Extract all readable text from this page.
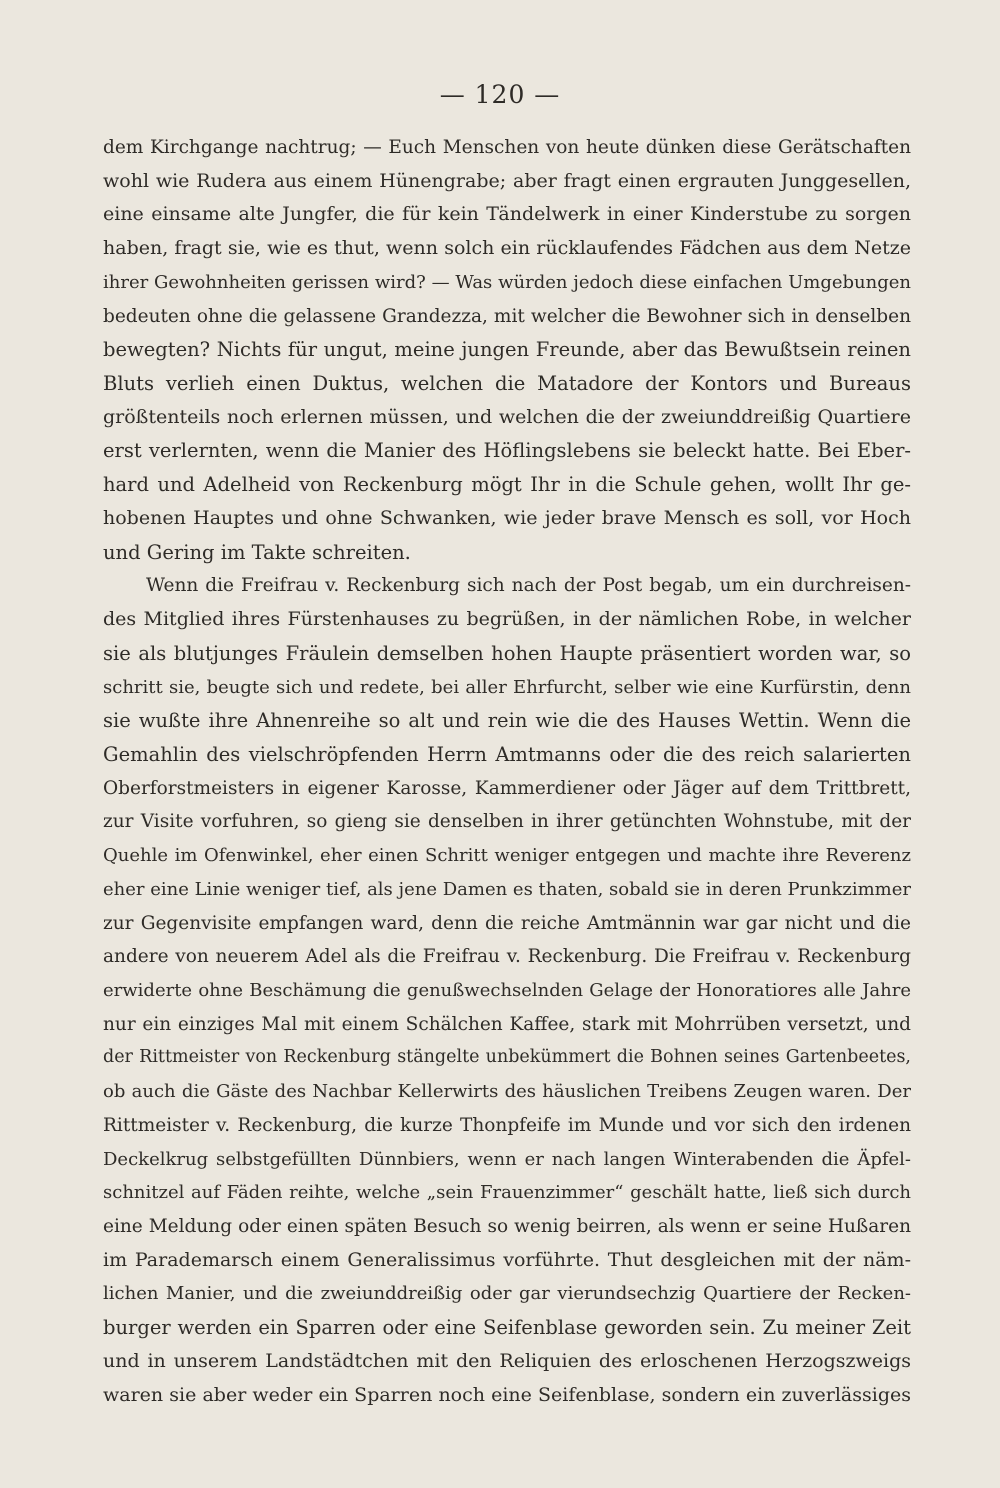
— 120 —

dem Kirchgange nachtrug; — Euch Menschen von heute dünken diese Gerätschaften
wohl wie Rudera aus einem Hünengrabe; aber fragt einen ergrauten Junggesellen,
eine einsame alte Jungfer, die für kein Tändelwerk in einer Kinderstube zu sorgen
haben, fragt sie, wie es thut, wenn solch ein rücklaufendes Fädchen aus dem Netze
ihrer Gewohnheiten gerissen wird? — Was würden jedoch diese einfachen Umgebungen
bedeuten ohne die gelassene Grandezza, mit welcher die Bewohner sich in denselben
bewegten? Nichts für ungut, meine jungen Freunde, aber das Bewußtsein reinen
Bluts verlieh einen Duktus, welchen die Matadore der Kontors und Bureaus
größtenteils noch erlernen müssen, und welchen die der zweiunddreißig Quartiere
erst verlernten, wenn die Manier des Höflingslebens sie beleckt hatte. Bei Eber-
hard und Adelheid von Reckenburg mögt Ihr in die Schule gehen, wollt Ihr ge-
hobenen Hauptes und ohne Schwanken, wie jeder brave Mensch es soll, vor Hoch
und Gering im Takte schreiten.
Wenn die Freifrau v. Reckenburg sich nach der Post begab, um ein durchreisen-
des Mitglied ihres Fürstenhauses zu begrüßen, in der nämlichen Robe, in welcher
sie als blutjunges Fräulein demselben hohen Haupte präsentiert worden war, so
schritt sie, beugte sich und redete, bei aller Ehrfurcht, selber wie eine Kurfürstin, denn
sie wußte ihre Ahnenreihe so alt und rein wie die des Hauses Wettin. Wenn die
Gemahlin des vielschröpfenden Herrn Amtmanns oder die des reich salarierten
Oberforstmeisters in eigener Karosse, Kammerdiener oder Jäger auf dem Trittbrett,
zur Visite vorfuhren, so gieng sie denselben in ihrer getünchten Wohnstube, mit der
Quehle im Ofenwinkel, eher einen Schritt weniger entgegen und machte ihre Reverenz
eher eine Linie weniger tief, als jene Damen es thaten, sobald sie in deren Prunkzimmer
zur Gegenvisite empfangen ward, denn die reiche Amtmännin war gar nicht und die
andere von neuerem Adel als die Freifrau v. Reckenburg. Die Freifrau v. Reckenburg
erwiderte ohne Beschämung die genußwechselnden Gelage der Honoratiores alle Jahre
nur ein einziges Mal mit einem Schälchen Kaffee, stark mit Mohrrüben versetzt, und
der Rittmeister von Reckenburg stängelte unbekümmert die Bohnen seines Gartenbeetes,
ob auch die Gäste des Nachbar Kellerwirts des häuslichen Treibens Zeugen waren. Der
Rittmeister v. Reckenburg, die kurze Thonpfeife im Munde und vor sich den irdenen
Deckelkrug selbstgefüllten Dünnbiers, wenn er nach langen Winterabenden die Äpfel-
schnitzel auf Fäden reihte, welche „sein Frauenzimmer“ geschält hatte, ließ sich durch
eine Meldung oder einen späten Besuch so wenig beirren, als wenn er seine Hußaren
im Parademarsch einem Generalissimus vorführte. Thut desgleichen mit der näm-
lichen Manier, und die zweiunddreißig oder gar vierundsechzig Quartiere der Recken-
burger werden ein Sparren oder eine Seifenblase geworden sein. Zu meiner Zeit
und in unserem Landstädtchen mit den Reliquien des erloschenen Herzogszweigs
waren sie aber weder ein Sparren noch eine Seifenblase, sondern ein zuverlässiges
